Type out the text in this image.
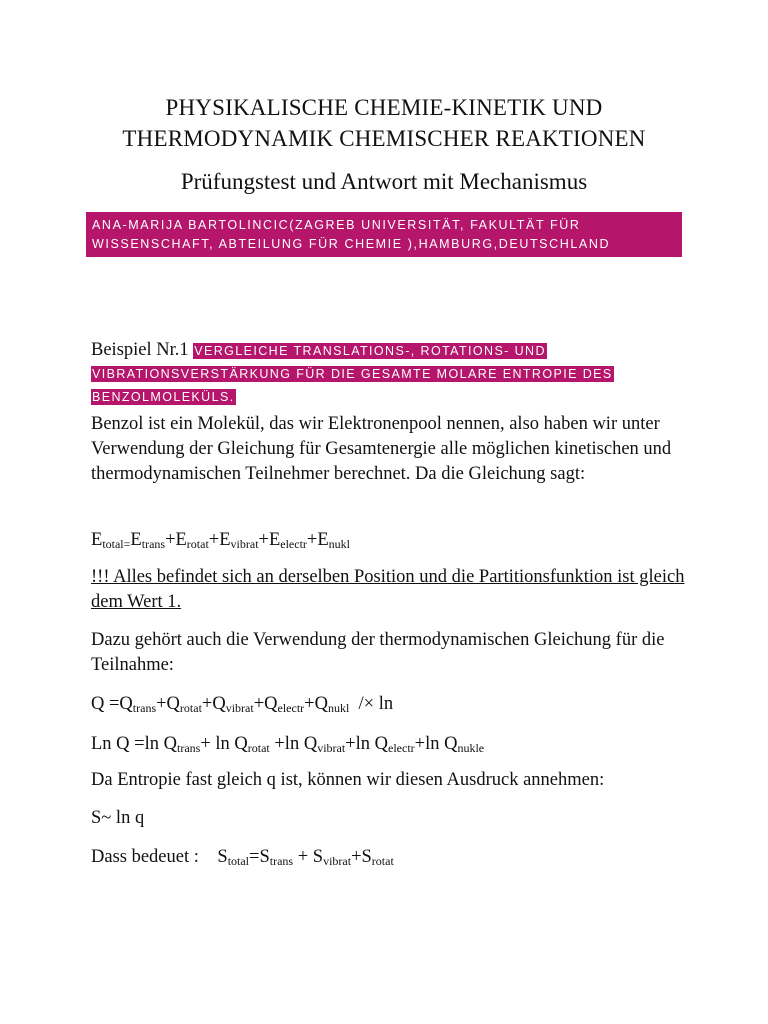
PHYSIKALISCHE CHEMIE-KINETIK UND
THERMODYNAMIK CHEMISCHER REAKTIONEN
Prüfungstest und Antwort mit Mechanismus
ANA-MARIJA BARTOLINCIC(ZAGREB UNIVERSITÄT, FAKULTÄT FÜR WISSENSCHAFT, ABTEILUNG FÜR CHEMIE ),HAMBURG,DEUTSCHLAND
Beispiel Nr.1 VERGLEICHE TRANSLATIONS-, ROTATIONS- UND VIBRATIONSVERSTÄRKUNG FÜR DIE GESAMTE MOLARE ENTROPIE DES BENZOLMOLEKÜLS.
Benzol ist ein Molekül, das wir Elektronenpool nennen, also haben wir unter Verwendung der Gleichung für Gesamtenergie alle möglichen kinetischen und thermodynamischen Teilnehmer berechnet. Da die Gleichung sagt:
$E_{total=}E_{trans}+E_{rotat}+E_{vibrat}+E_{electr}+E_{nukl}$
!!! Alles befindet sich an derselben Position und die Partitionsfunktion ist gleich dem Wert 1.
Dazu gehört auch die Verwendung der thermodynamischen Gleichung für die Teilnahme:
$Q =Q_{trans}+Q_{rotat}+Q_{vibrat}+Q_{electr}+Q_{nukl} /\times \ln$
Ln Q =ln $Q_{trans}+ \ln Q_{rotat} +\ln$ $Q_{vibrat}+\ln$ $Q_{electr}+\ln$ $Q_{nukle}$
Da Entropie fast gleich q ist, können wir diesen Ausdruck annehmen:
S~ ln q
Dass bedeuet :    $S_{total}=S_{trans} + S_{vibrat}+S_{rotat}$
